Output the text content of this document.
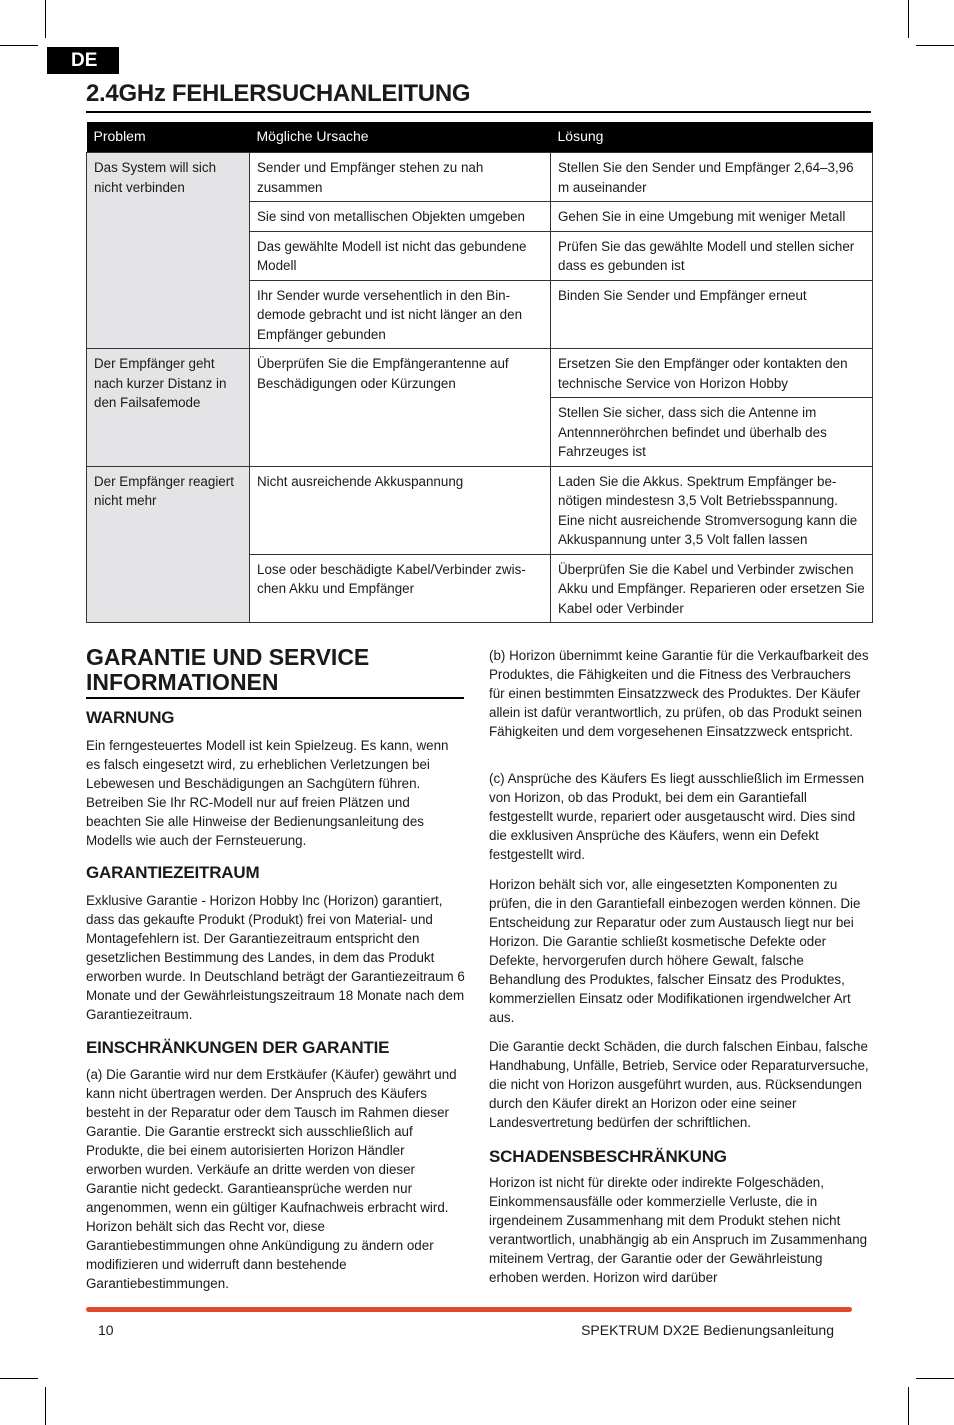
DE
2.4GHz FEHLERSUCHANLEITUNG
Problem	Mögliche Ursache	Lösung
Das System will sich nicht verbinden	Sender und Empfänger stehen zu nah zusammen	Stellen Sie den Sender und Empfänger 2,64–3,96 m auseinander
	Sie sind von metallischen Objekten umgeben	Gehen Sie in eine Umgebung mit weniger Metall
	Das gewählte Modell ist nicht das gebundene Modell	Prüfen Sie das gewählte Modell und stellen sicher dass es gebunden ist
	Ihr Sender wurde versehentlich in den Bin-demode gebracht und ist nicht länger an den Empfänger gebunden	Binden Sie Sender und Empfänger erneut
Der Empfänger geht nach kurzer Distanz in den Failsafemode	Überprüfen Sie die Empfängerantenne auf Beschädigungen oder Kürzungen	Ersetzen Sie den Empfänger oder kontakten den technische Service von Horizon Hobby
		Stellen Sie sicher, dass sich die Antenne im Antennneröhrchen befindet und überhalb des Fahrzeuges ist
Der Empfänger reagiert nicht mehr	Nicht ausreichende Akkuspannung	Laden Sie die Akkus. Spektrum Empfänger be-nötigen mindestesn 3,5 Volt Betriebsspannung. Eine nicht ausreichende Stromversogung kann die Akkuspannung unter 3,5 Volt fallen lassen
	Lose oder beschädigte Kabel/Verbinder zwis-chen Akku und Empfänger	Überprüfen Sie die Kabel und Verbinder zwischen Akku und Empfänger. Reparieren oder ersetzen Sie Kabel oder Verbinder
GARANTIE UND SERVICE INFORMATIONEN
WARNUNG

Ein ferngesteuertes Modell ist kein Spielzeug. Es kann, wenn es falsch eingesetzt wird, zu erheblichen Verletzungen bei Lebewesen und Beschädigungen an Sachgütern führen. Betreiben Sie Ihr RC-Modell nur auf freien Plätzen und beachten Sie alle Hinweise der Bedienungsanleitung des Modells wie auch der Fernsteuerung.

GARANTIEZEITRAUM

Exklusive Garantie - Horizon Hobby Inc (Horizon) garantiert, dass das gekaufte Produkt (Produkt) frei von Material- und Montagefehlern ist. Der Garantiezeitraum entspricht den gesetzlichen Bestimmung des Landes, in dem das Produkt erworben wurde. In Deutschland beträgt der Garantiezeitraum 6 Monate und der Gewährleistungszeitraum 18 Monate nach dem Garantiezeitraum.

EINSCHRÄNKUNGEN DER GARANTIE

(a) Die Garantie wird nur dem Erstkäufer (Käufer) gewährt und kann nicht übertragen werden. Der Anspruch des Käufers besteht in der Reparatur oder dem Tausch im Rahmen dieser Garantie. Die Garantie erstreckt sich ausschließlich auf Produkte, die bei einem autorisierten Horizon Händler erworben wurden. Verkäufe an dritte werden von dieser Garantie nicht gedeckt. Garantieansprüche werden nur angenommen, wenn ein gültiger Kaufnachweis erbracht wird. Horizon behält sich das Recht vor, diese Garantiebestimmungen ohne Ankündigung zu ändern oder modifizieren und widerruft dann bestehende Garantiebestimmungen.

(b) Horizon übernimmt keine Garantie für die Verkaufbarkeit des Produktes, die Fähigkeiten und die Fitness des Verbrauchers für einen bestimmten Einsatzzweck des Produktes. Der Käufer allein ist dafür verantwortlich, zu prüfen, ob das Produkt seinen Fähigkeiten und dem vorgesehenen Einsatzzweck entspricht.

(c) Ansprüche des Käufers Es liegt ausschließlich im Ermessen von Horizon, ob das Produkt, bei dem ein Garantiefall festgestellt wurde, repariert oder ausgetauscht wird. Dies sind die exklusiven Ansprüche des Käufers, wenn ein Defekt festgestellt wird.

Horizon behält sich vor, alle eingesetzten Komponenten zu prüfen, die in den Garantiefall einbezogen werden können. Die Entscheidung zur Reparatur oder zum Austausch liegt nur bei Horizon. Die Garantie schließt kosmetische Defekte oder Defekte, hervorgerufen durch höhere Gewalt, falsche Behandlung des Produktes, falscher Einsatz des Produktes, kommerziellen Einsatz oder Modifikationen irgendwelcher Art aus.

Die Garantie deckt Schäden, die durch falschen Einbau, falsche Handhabung, Unfälle, Betrieb, Service oder Reparaturversuche, die nicht von Horizon ausgeführt wurden, aus. Rücksendungen durch den Käufer direkt an Horizon oder eine seiner Landesvertretung bedürfen der schriftlichen.

SCHADENSBESCHRÄNKUNG

Horizon ist nicht für direkte oder indirekte Folgeschäden, Einkommensausfälle oder kommerzielle Verluste, die in irgendeinem Zusammenhang mit dem Produkt stehen nicht verantwortlich, unabhängig ab ein Anspruch im Zusammenhang miteinem Vertrag, der Garantie oder der Gewährleistung erhoben werden. Horizon wird darüber

10	SPEKTRUM DX2E Bedienungsanleitung
